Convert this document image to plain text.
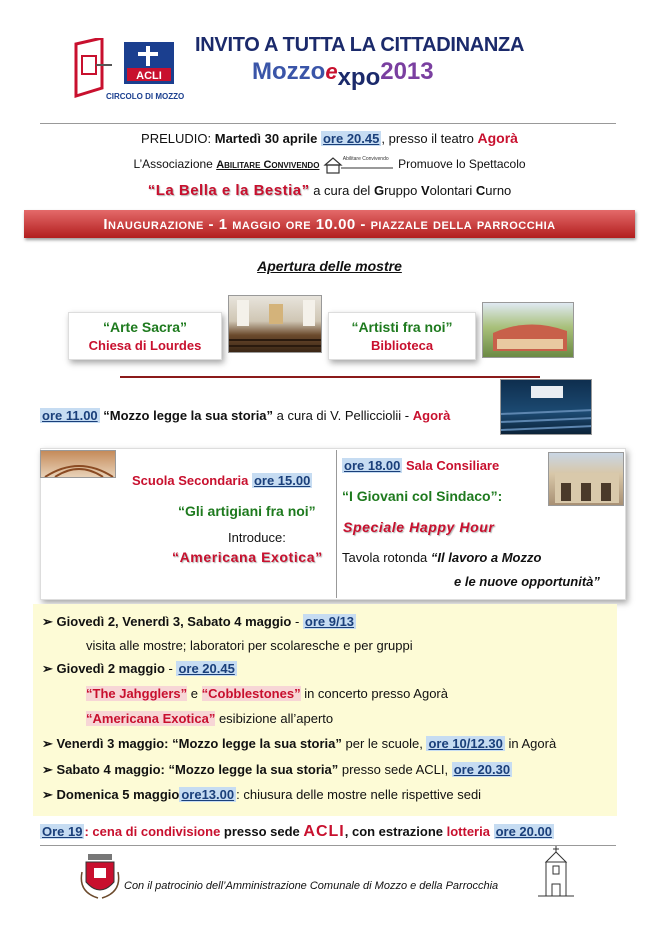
ACLI
CIRCOLO DI MOZZO
INVITO A TUTTA LA CITTADINANZA
Mozzoexpo2013
PRELUDIO: Martedì 30 aprile ore 20.45 , presso il teatro Agorà
L’Associazione Abilitare Convivendo
Abilitare Convivendo Promuove lo Spettacolo
“La Bella e la Bestia” a cura del Gruppo Volontari Curno
Inaugurazione - 1 maggio ore 10.00 - piazzale della parrocchia
Apertura delle mostre
“Arte Sacra”
Chiesa di Lourdes
“Artisti fra noi”
Biblioteca
ore 11.00 “Mozzo legge la sua storia” a cura di V. Pellicciolii - Agorà
Scuola Secondaria ore 15.00
“Gli artigiani fra noi”
Introduce:
“Americana Exotica”
ore 18.00 Sala Consiliare
“I Giovani col Sindaco”:
Speciale Happy Hour
Tavola rotonda “Il lavoro a Mozzo
e le nuove opportunità”
➢ Giovedì 2, Venerdì 3, Sabato 4 maggio - ore 9/13
visita alle mostre; laboratori per scolaresche e per gruppi
➢ Giovedì 2 maggio - ore 20.45
“The Jahgglers” e “Cobblestones” in concerto presso Agorà
“Americana Exotica” esibizione all’aperto
➢ Venerdì 3 maggio: “Mozzo legge la sua storia” per le scuole, ore 10/12.30 in Agorà
➢ Sabato 4 maggio: “Mozzo legge la sua storia” presso sede ACLI, ore 20.30
➢ Domenica 5 maggio ore13.00 : chiusura delle mostre nelle rispettive sedi
Ore 19 : cena di condivisione presso sede ACLI, con estrazione lotteria ore 20.00
Con il patrocinio dell’Amministrazione Comunale di Mozzo e della Parrocchia
